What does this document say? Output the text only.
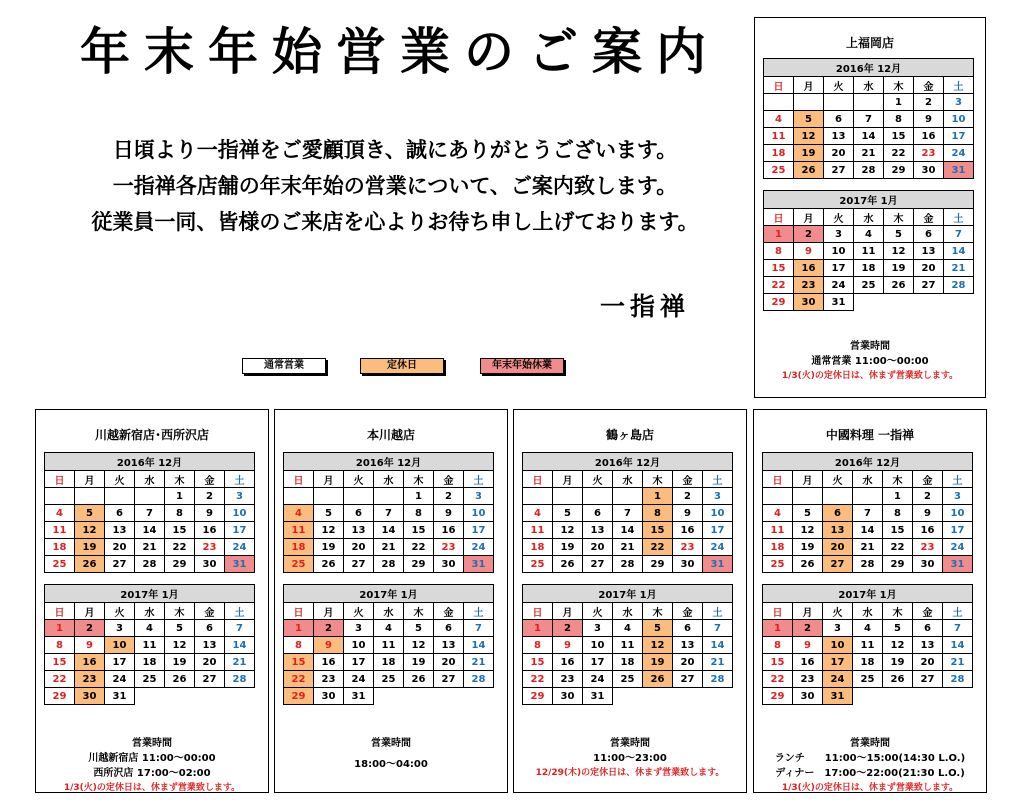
年末年始営業のご案内
日頃より一指禅をご愛顧頂き、誠にありがとうございます。
一指禅各店舗の年末年始の営業について、ご案内致します。
従業員一同、皆様のご来店を心よりお待ち申し上げております。
一指禅
通常営業	定休日	年末年始休業
上福岡店
2016年 12月						
日	月	火	水	木	金	土
				1	2	3
4	5	6	7	8	9	10
11	12	13	14	15	16	17
18	19	20	21	22	23	24
25	26	27	28	29	30	31
2017年 1月						
日	月	火	水	木	金	土
1	2	3	4	5	6	7
8	9	10	11	12	13	14
15	16	17	18	19	20	21
22	23	24	25	26	27	28
29	30	31				
営業時間
通常営業 11:00〜00:00
1/3(火)の定休日は、休まず営業致します。
川越新宿店･西所沢店
2016年 12月						
日	月	火	水	木	金	土
				1	2	3
4	5	6	7	8	9	10
11	12	13	14	15	16	17
18	19	20	21	22	23	24
25	26	27	28	29	30	31
2017年 1月						
日	月	火	水	木	金	土
1	2	3	4	5	6	7
8	9	10	11	12	13	14
15	16	17	18	19	20	21
22	23	24	25	26	27	28
29	30	31				
営業時間
川越新宿店 11:00〜00:00
西所沢店 17:00〜02:00
1/3(火)の定休日は、休まず営業致します。
本川越店
2016年 12月						
日	月	火	水	木	金	土
				1	2	3
4	5	6	7	8	9	10
11	12	13	14	15	16	17
18	19	20	21	22	23	24
25	26	27	28	29	30	31
2017年 1月						
日	月	火	水	木	金	土
1	2	3	4	5	6	7
8	9	10	11	12	13	14
15	16	17	18	19	20	21
22	23	24	25	26	27	28
29	30	31				
営業時間
18:00〜04:00
鶴ヶ島店
2016年 12月						
日	月	火	水	木	金	土
				1	2	3
4	5	6	7	8	9	10
11	12	13	14	15	16	17
18	19	20	21	22	23	24
25	26	27	28	29	30	31
2017年 1月						
日	月	火	水	木	金	土
1	2	3	4	5	6	7
8	9	10	11	12	13	14
15	16	17	18	19	20	21
22	23	24	25	26	27	28
29	30	31				
営業時間
11:00〜23:00
12/29(木)の定休日は、休まず営業致します。
中國料理 一指禅
2016年 12月						
日	月	火	水	木	金	土
				1	2	3
4	5	6	7	8	9	10
11	12	13	14	15	16	17
18	19	20	21	22	23	24
25	26	27	28	29	30	31
2017年 1月						
日	月	火	水	木	金	土
1	2	3	4	5	6	7
8	9	10	11	12	13	14
15	16	17	18	19	20	21
22	23	24	25	26	27	28
29	30	31				
営業時間
ランチ　　11:00〜15:00(14:30 L.O.)
ディナー　17:00〜22:00(21:30 L.O.)
1/3(火)の定休日は、休まず営業致します。
